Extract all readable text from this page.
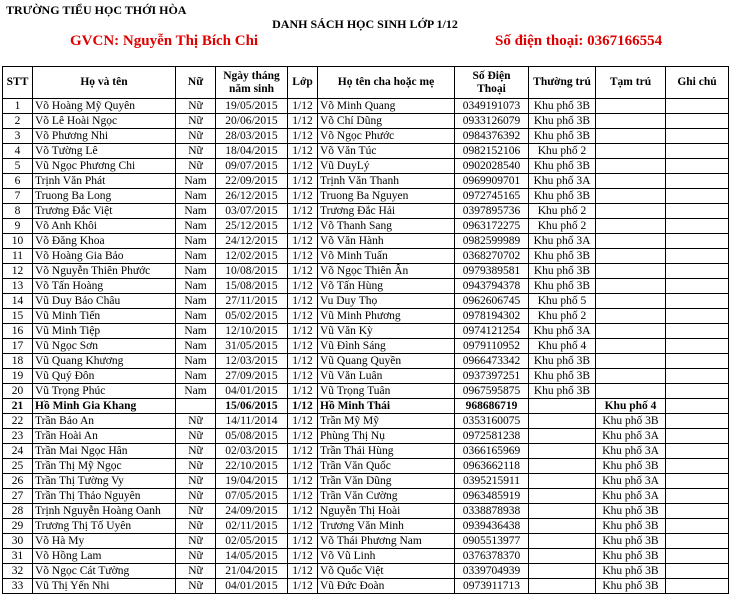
TRƯỜNG TIỂU HỌC THỚI HÒA
DANH SÁCH HỌC SINH LỚP 1/12
GVCN: Nguyễn Thị Bích Chi	Số điện thoại: 0367166554
STT	Họ và tên	Nữ	Ngày tháng năm sinh	Lớp	Họ tên cha hoặc mẹ	Số Điện Thoại	Thường trú	Tạm trú	Ghi chú
1	Võ Hoàng Mỹ Quyên	Nữ	19/05/2015	1/12	Võ Minh Quang	0349191073	Khu phố 3B		
2	Võ Lê Hoài Ngọc	Nữ	20/06/2015	1/12	Võ Chí Dũng	0933126079	Khu phố 3B		
3	Võ Phương Nhi	Nữ	28/03/2015	1/12	Võ Ngọc Phước	0984376392	Khu phố 3B		
4	Võ Tường Lê	Nữ	18/04/2015	1/12	Võ Văn Túc	0982152106	Khu phố 2		
5	Vũ Ngọc Phương Chi	Nữ	09/07/2015	1/12	Vũ DuyLý	0902028540	Khu phố 3B		
6	Trịnh Văn Phát	Nam	22/09/2015	1/12	Trịnh Văn Thanh	0969909701	Khu phố 3A		
7	Truong Ba Long	Nam	26/12/2015	1/12	Truong Ba Nguyen	0972745165	Khu phố 3B		
8	Trương Đắc Việt	Nam	03/07/2015	1/12	Trương Đắc Hải	0397895736	Khu phố 2		
9	Võ Anh Khôi	Nam	25/12/2015	1/12	Võ Thanh Sang	0963172275	Khu phố 2		
10	Võ Đăng Khoa	Nam	24/12/2015	1/12	Võ Văn Hành	0982599989	Khu phố 3A		
11	Võ Hoàng Gia Bảo	Nam	12/02/2015	1/12	Võ Minh Tuấn	0368270702	Khu phố 3B		
12	Võ Nguyễn Thiên Phước	Nam	10/08/2015	1/12	Võ Ngọc Thiên Ân	0979389581	Khu phố 3B		
13	Võ Tấn Hoàng	Nam	15/08/2015	1/12	Võ Tấn Hùng	0943794378	Khu phố 3B		
14	Vũ Duy Bảo Châu	Nam	27/11/2015	1/12	Vu Duy Thọ	0962606745	Khu phố 5		
15	Vũ Minh Tiến	Nam	05/02/2015	1/12	Vũ Minh Phương	0978194302	Khu phố 2		
16	Vũ Minh Tiệp	Nam	12/10/2015	1/12	Vũ Văn Kỳ	0974121254	Khu phố 3A		
17	Vũ Ngọc Sơn	Nam	31/05/2015	1/12	Vũ Đình Sáng	0979110952	Khu phố 4		
18	Vũ Quang Khương	Nam	12/03/2015	1/12	Vũ Quang Quyền	0966473342	Khu phố 3B		
19	Vũ Quý Đôn	Nam	27/09/2015	1/12	Vũ Văn Luân	0937397251	Khu phố 3B		
20	Vũ Trọng Phúc	Nam	04/01/2015	1/12	Vũ Trọng Tuân	0967595875	Khu phố 3B		
21	Hồ Minh Gia Khang		15/06/2015	1/12	Hồ Minh Thái	968686719		Khu phố 4	
22	Trần Bảo An	Nữ	14/11/2014	1/12	Trần Mỹ Mỹ	0353160075		Khu phố 3B	
23	Trần Hoài An	Nữ	05/08/2015	1/12	Phùng Thị Nụ	0972581238		Khu phố 3A	
24	Trần Mai Ngọc Hân	Nữ	02/03/2015	1/12	Trần Thái Hùng	0366165969		Khu phố 3A	
25	Trần Thị Mỹ Ngọc	Nữ	22/10/2015	1/12	Trần Văn Quốc	0963662118		Khu phố 3B	
26	Trần Thị Tường Vy	Nữ	19/04/2015	1/12	Trần Văn Dũng	0395215911		Khu phố 3A	
27	Trần Thị Thảo Nguyên	Nữ	07/05/2015	1/12	Trần Văn Cường	0963485919		Khu phố 3A	
28	Trịnh Nguyễn Hoàng Oanh	Nữ	24/09/2015	1/12	Nguyễn Thị Hoài	0338878938		Khu phố 3B	
29	Trương Thị Tố Uyên	Nữ	02/11/2015	1/12	Trương Văn Minh	0939436438		Khu phố 3B	
30	Võ Hà My	Nữ	02/05/2015	1/12	Võ Thái Phương Nam	0905513977		Khu phố 3B	
31	Võ Hồng Lam	Nữ	14/05/2015	1/12	Võ Vũ Linh	0376378370		Khu phố 3B	
32	Võ Ngọc Cát Tường	Nữ	21/04/2015	1/12	Võ Quốc Việt	0339704939		Khu phố 3B	
33	Vũ Thị Yến Nhi	Nữ	04/01/2015	1/12	Vũ Đức Đoàn	0973911713		Khu phố 3B	
